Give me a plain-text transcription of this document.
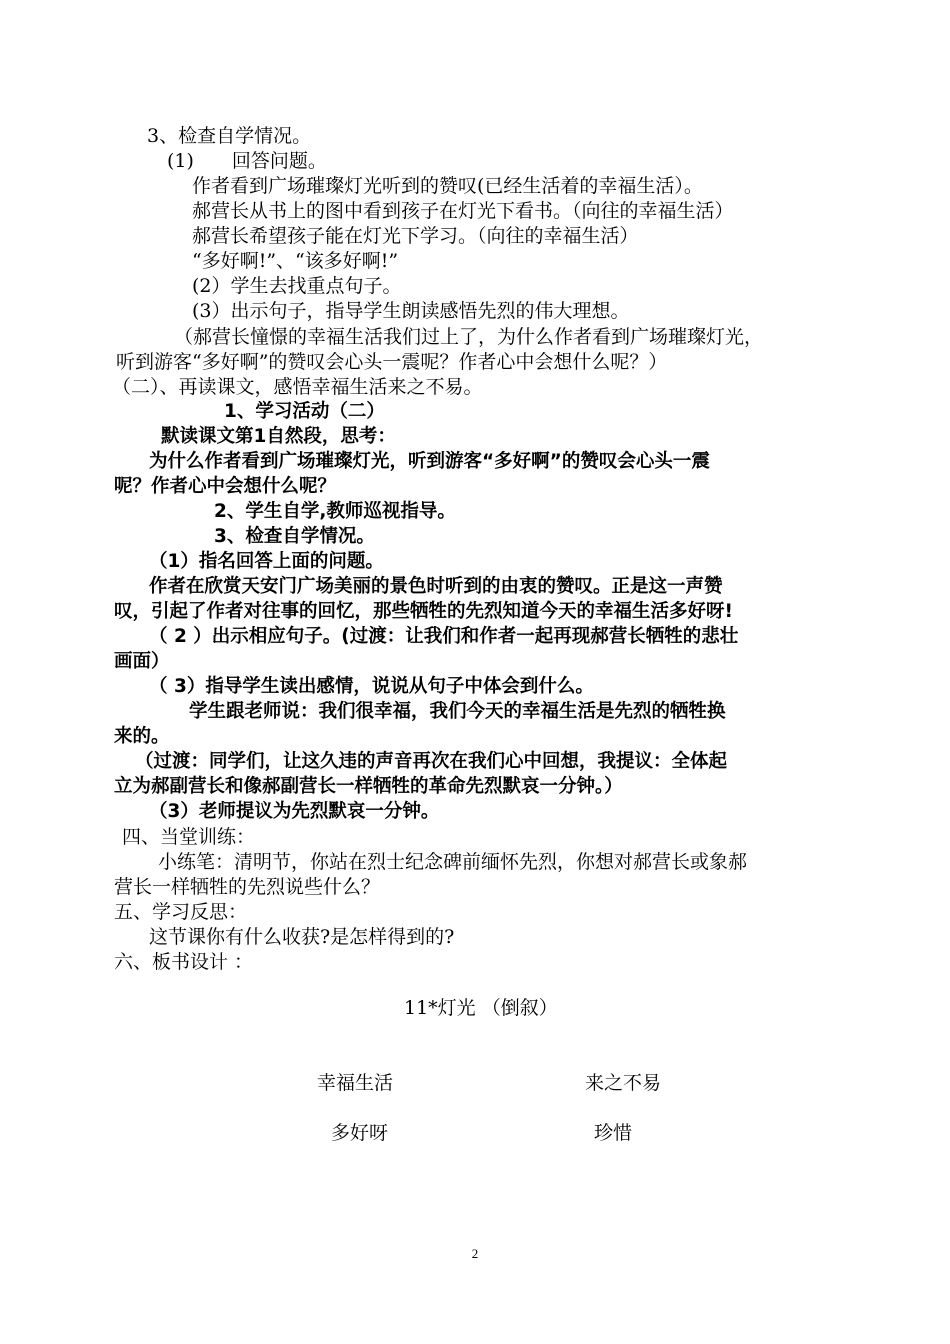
3、检查自学情况。
(1)　　回答问题。
作者看到广场璀璨灯光听到的赞叹(已经生活着的幸福生活）。
郝营长从书上的图中看到孩子在灯光下看书。（向往的幸福生活）
郝营长希望孩子能在灯光下学习。（向往的幸福生活）
“多好啊!”、“该多好啊!”
(2）学生去找重点句子。
(3）出示句子，指导学生朗读感悟先烈的伟大理想。
（郝营长憧憬的幸福生活我们过上了，为什么作者看到广场璀璨灯光，
听到游客“多好啊”的赞叹会心头一震呢？作者心中会想什么呢？）
（二）、再读课文，感悟幸福生活来之不易。
1、学习活动（二）
默读课文第1自然段，思考：
为什么作者看到广场璀璨灯光，听到游客“多好啊”的赞叹会心头一震
呢？作者心中会想什么呢？
2、学生自学,教师巡视指导。
3、检查自学情况。
（1）指名回答上面的问题。
作者在欣赏天安门广场美丽的景色时听到的由衷的赞叹。正是这一声赞
叹，引起了作者对往事的回忆，那些牺牲的先烈知道今天的幸福生活多好呀!
（ 2 ）出示相应句子。(过渡：让我们和作者一起再现郝营长牺牲的悲壮
画面）
（ 3）指导学生读出感情，说说从句子中体会到什么。
学生跟老师说：我们很幸福，我们今天的幸福生活是先烈的牺牲换
来的。
（过渡：同学们，让这久违的声音再次在我们心中回想，我提议：全体起
立为郝副营长和像郝副营长一样牺牲的革命先烈默哀一分钟。）
（3）老师提议为先烈默哀一分钟。
四、当堂训练：
小练笔：清明节，你站在烈士纪念碑前缅怀先烈，你想对郝营长或象郝
营长一样牺牲的先烈说些什么？
五、学习反思：
这节课你有什么收获?是怎样得到的?
六、板书设计 ：
11*灯光 （倒叙）
幸福生活	来之不易
多好呀	珍惜
2
